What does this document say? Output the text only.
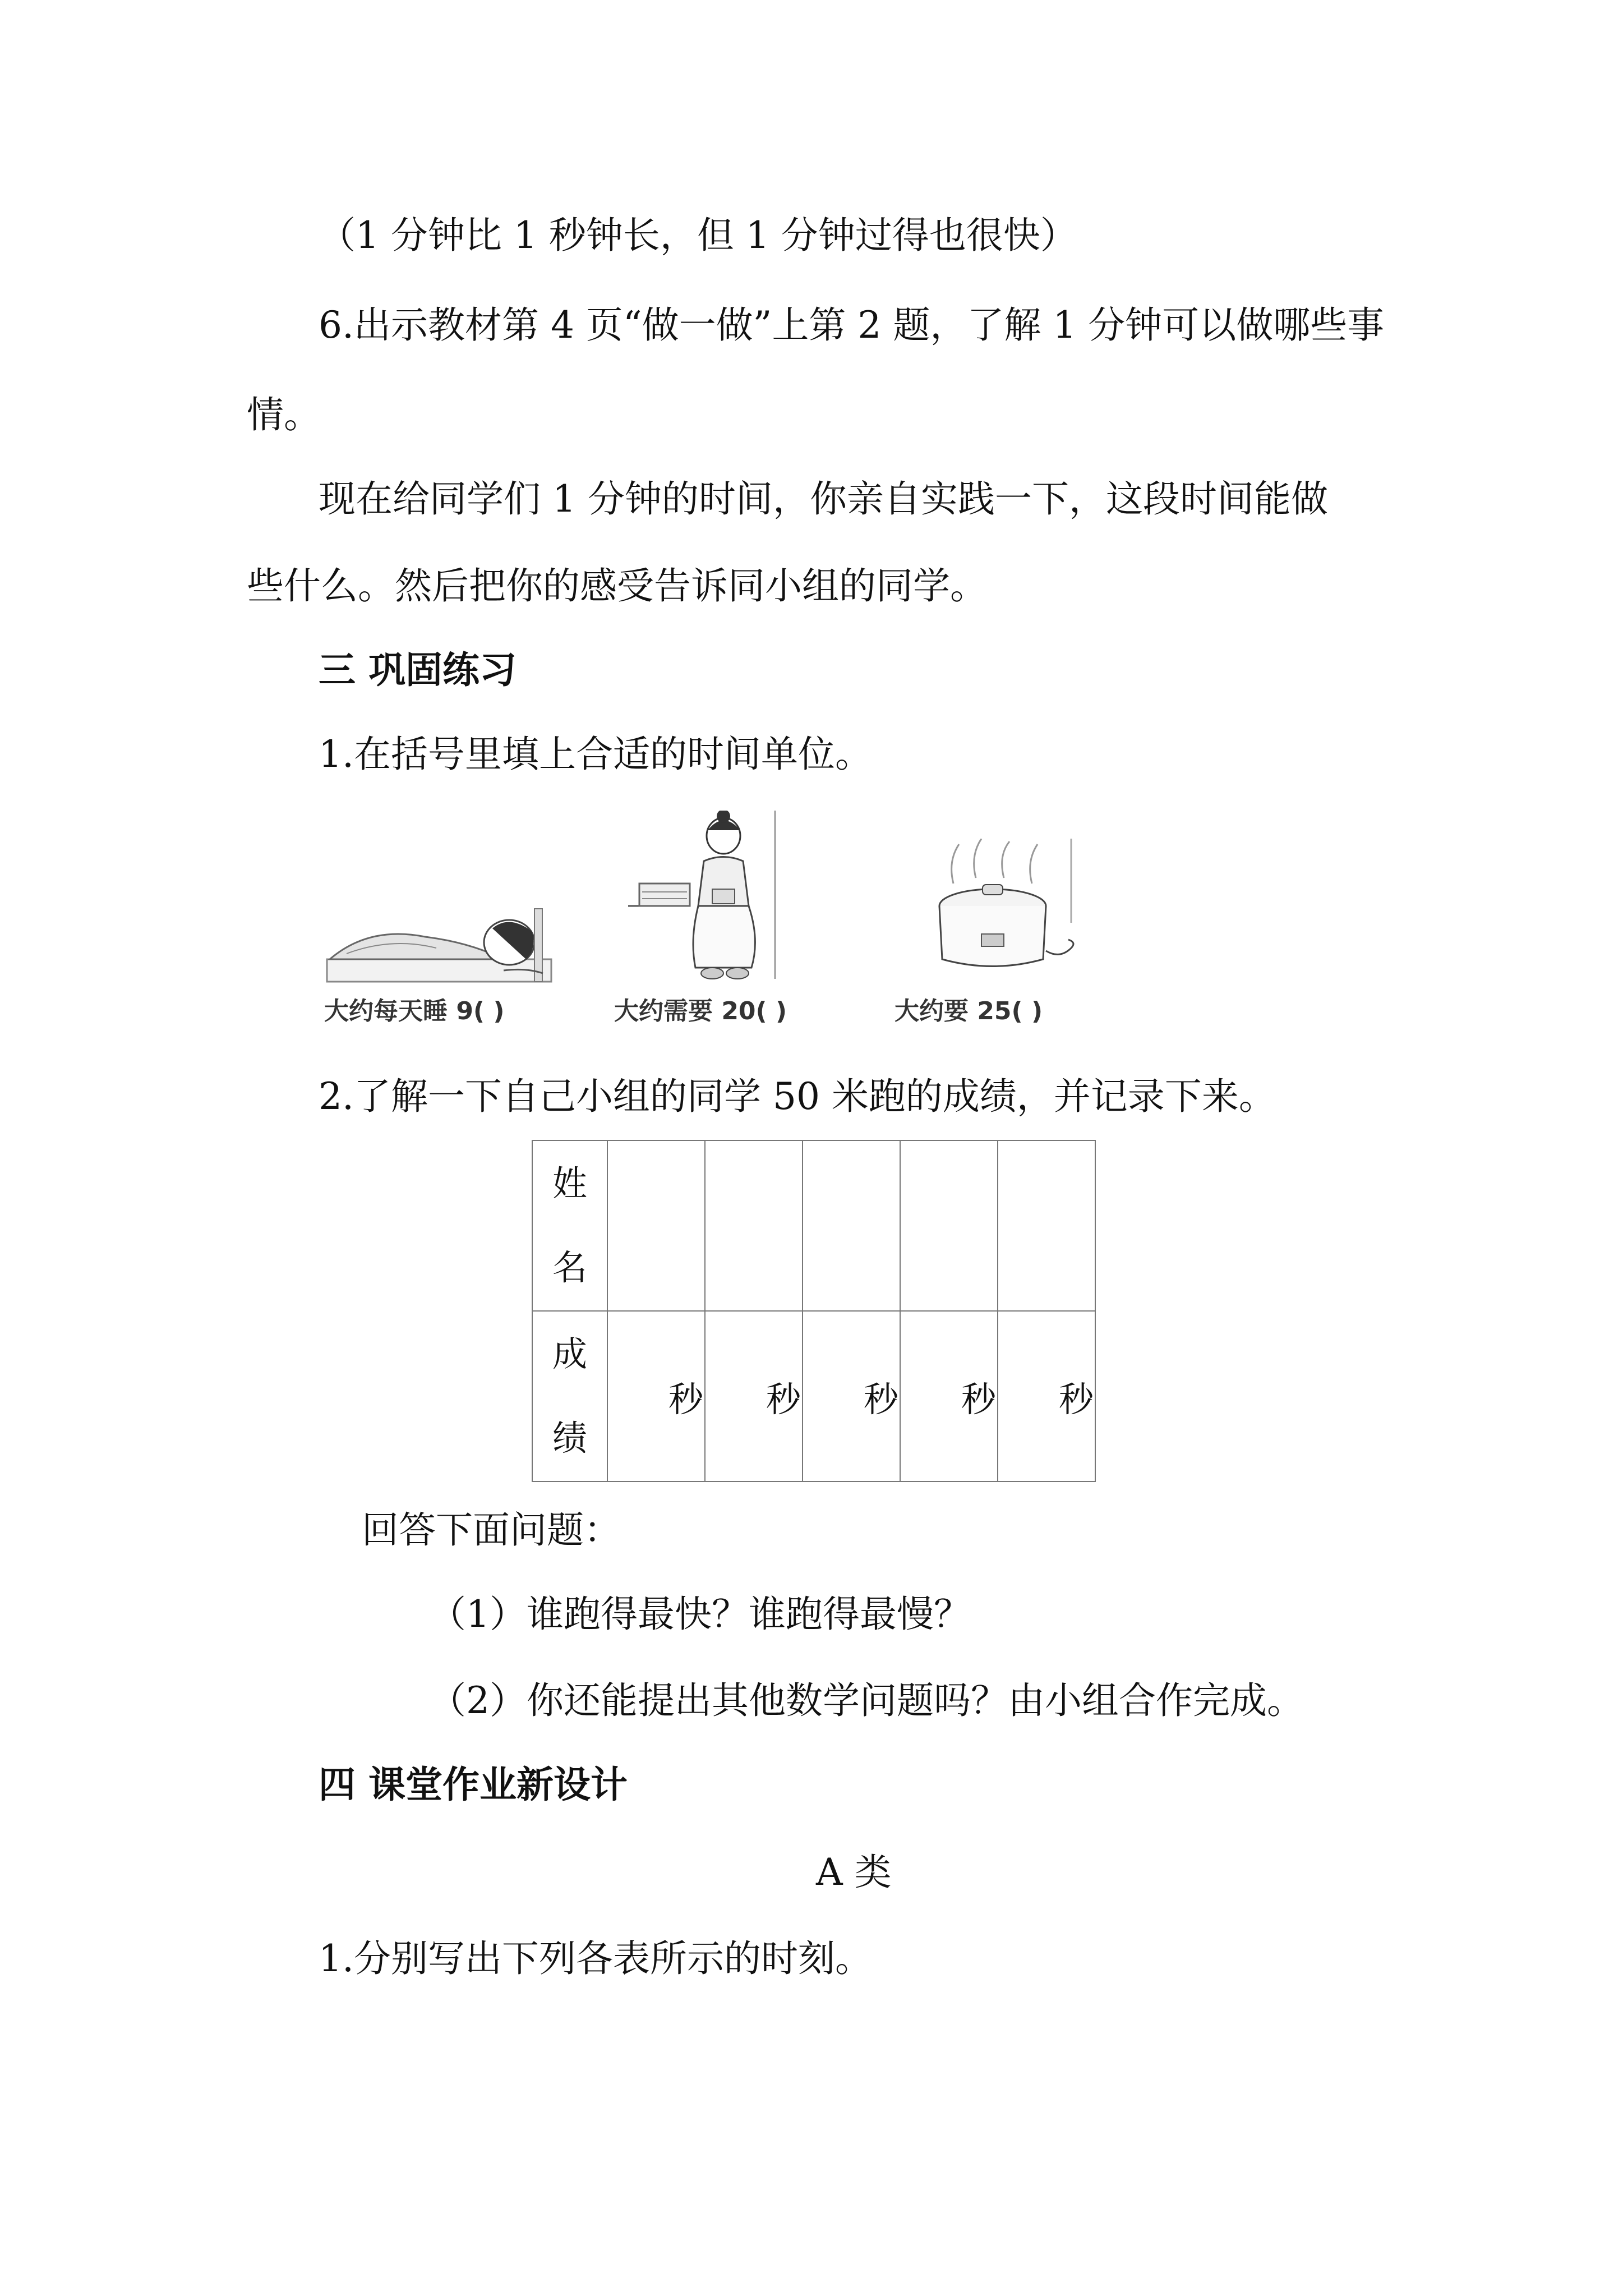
（1 分钟比 1 秒钟长，但 1 分钟过得也很快）
6.出示教材第 4 页“做一做”上第 2 题，了解 1 分钟可以做哪些事
情。
现在给同学们 1 分钟的时间，你亲自实践一下，这段时间能做
些什么。然后把你的感受告诉同小组的同学。
三 巩固练习
1.在括号里填上合适的时间单位。
大约每天睡 9( )	大约需要 20( )	大约要 25( )
2.了解一下自己小组的同学 50 米跑的成绩，并记录下来。
姓名					
成绩	秒	秒	秒	秒	秒
回答下面问题：
（1）谁跑得最快？谁跑得最慢？
（2）你还能提出其他数学问题吗？由小组合作完成。
四 课堂作业新设计
A 类
1.分别写出下列各表所示的时刻。
